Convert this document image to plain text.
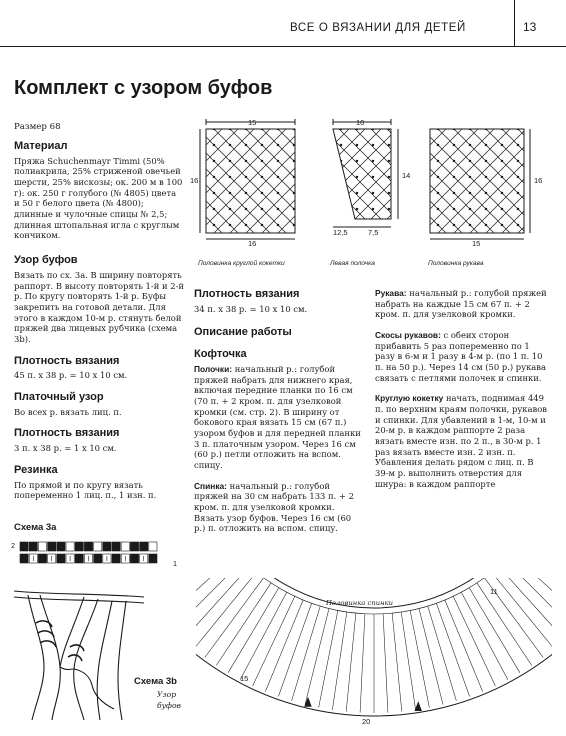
ВСЕ О ВЯЗАНИИ ДЛЯ ДЕТЕЙ	13
Комплект с узором буфов
Размер 68

Материал

Пряжа Schuchenmayr Timmi (50% полиакрила, 25% стриженой овечьей шерсти, 25% вискозы; ок. 200 м в 100 г): ок. 250 г голубого (№ 4805) цвета и 50 г белого цвета (№ 4800); длинные и чулочные спицы № 2,5; длинная штопальная игла с круглым кончиком.

Узор буфов

Вязать по сх. 3а. В ширину повторять раппорт. В высоту повторять 1-й и 2-й р. По кругу повторять 1-й р. Буфы закрепить на готовой детали. Для этого в каждом 10-м р. стянуть белой пряжей два лицевых рубчика (схема 3b).

Плотность вязания

45 п. х 38 р. = 10 х 10 см.

Платочный узор

Во всех р. вязать лиц. п.

Плотность вязания

3 п. х 38 р. = 1 х 10 см.

Резинка

По прямой и по кругу вязать попеременно 1 лиц. п., 1 изн. п.

Схема 3а
2
1
Схема 3b
Узор буфов
15
16
16
10
14
12,5	7,5
16
15
Половинка круглой кокетки	Левая полочка	Половинка рукава

Плотность вязания

34 п. х 38 р. = 10 х 10 см.

Описание работы

Кофточка

Полочки: начальный р.: голубой пряжей набрать для нижнего края, включая передние планки по 16 см (70 п. + 2 кром. п. для узелковой кромки (см. стр. 2). В ширину от бокового края вязать 15 см (67 п.) узором буфов и для передней планки 3 п. платочным узором. Через 16 см (60 р.) петли отложить на вспом. спицу.

Спинка: начальный р.: голубой пряжей на 30 см набрать 133 п. + 2 кром. п. для узелковой кромки. Вязать узор буфов. Через 16 см (60 р.) п. отложить на вспом. спицу.

Рукава: начальный р.: голубой пряжей набрать на каждые 15 см 67 п. + 2 кром. п. для узелковой кромки.

Скосы рукавов: с обеих сторон прибавить 5 раз попеременно по 1 разу в 6-м и 1 разу в 4-м р. (по 1 п. 10 п. на 50 р.). Через 14 см (50 р.) рукава связать с петлями полочек и спинки.

Круглую кокетку начать, поднимая 449 п. по верхним краям полочки, рукавов и спинки. Для убавлений в 1-м, 10-м и 20-м р. в каждом раппорте 2 раза вязать вместе изн. по 2 п., в 30-м р. 1 раз вязать вместе изн. 2 изн. п. Убавления делать рядом с лиц. п. В 39-м р. выполнить отверстия для шнура: в каждом раппорте

15
11
20
Половинка спинки
